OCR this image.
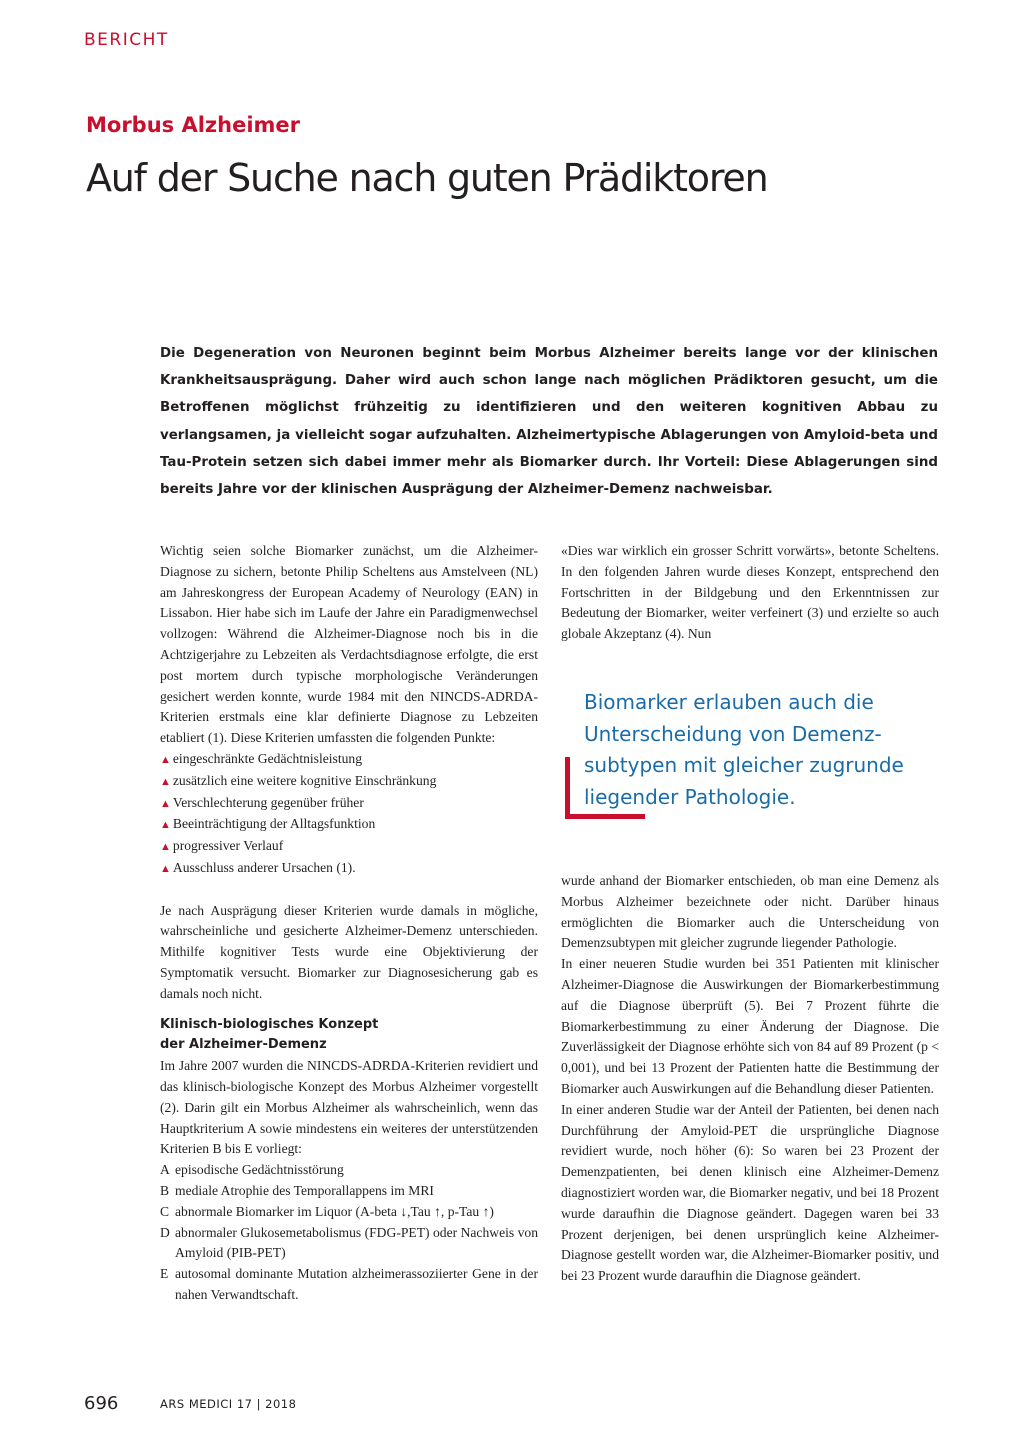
BERICHT
Morbus Alzheimer
Auf der Suche nach guten Prädiktoren
Die Degeneration von Neuronen beginnt beim Morbus Alzheimer bereits lange vor der klinischen Krankheitsausprägung. Daher wird auch schon lange nach möglichen Prädiktoren gesucht, um die Betroffenen möglichst frühzeitig zu identifizieren und den weiteren kognitiven Abbau zu verlangsamen, ja vielleicht sogar aufzuhalten. Alzheimertypische Ablagerungen von Amyloid-beta und Tau-Protein setzen sich dabei immer mehr als Biomarker durch. Ihr Vorteil: Diese Ablagerungen sind bereits Jahre vor der klinischen Ausprägung der Alzheimer-Demenz nachweisbar.

Wichtig seien solche Biomarker zunächst, um die Alzheimer-Diagnose zu sichern, betonte Philip Scheltens aus Amstelveen (NL) am Jahreskongress der European Academy of Neurology (EAN) in Lissabon. Hier habe sich im Laufe der Jahre ein Paradigmenwechsel vollzogen: Während die Alzheimer-Diagnose noch bis in die Achtzigerjahre zu Lebzeiten als Verdachtsdiagnose erfolgte, die erst post mortem durch typische morphologische Veränderungen gesichert werden konnte, wurde 1984 mit den NINCDS-ADRDA-Kriterien erstmals eine klar definierte Diagnose zu Lebzeiten etabliert (1). Diese Kriterien umfassten die folgenden Punkte:

▲ eingeschränkte Gedächtnisleistung
▲ zusätzlich eine weitere kognitive Einschränkung
▲ Verschlechterung gegenüber früher
▲ Beeinträchtigung der Alltagsfunktion
▲ progressiver Verlauf
▲ Ausschluss anderer Ursachen (1).

Je nach Ausprägung dieser Kriterien wurde damals in mögliche, wahrscheinliche und gesicherte Alzheimer-Demenz unterschieden. Mithilfe kognitiver Tests wurde eine Objektivierung der Symptomatik versucht. Biomarker zur Diagnosesicherung gab es damals noch nicht.

Klinisch-biologisches Konzept
der Alzheimer-Demenz

Im Jahre 2007 wurden die NINCDS-ADRDA-Kriterien revidiert und das klinisch-biologische Konzept des Morbus Alzheimer vorgestellt (2). Darin gilt ein Morbus Alzheimer als wahrscheinlich, wenn das Hauptkriterium A sowie mindestens ein weiteres der unterstützenden Kriterien B bis E vorliegt:

A episodische Gedächtnisstörung
B mediale Atrophie des Temporallappens im MRI
C abnormale Biomarker im Liquor (A-beta ↓,Tau ↑, p-Tau ↑)
D abnormaler Glukosemetabolismus (FDG-PET) oder Nachweis von Amyloid (PIB-PET)
E autosomal dominante Mutation alzheimerassoziierter Gene in der nahen Verwandtschaft.

«Dies war wirklich ein grosser Schritt vorwärts», betonte Scheltens. In den folgenden Jahren wurde dieses Konzept, entsprechend den Fortschritten in der Bildgebung und den Erkenntnissen zur Bedeutung der Biomarker, weiter verfeinert (3) und erzielte so auch globale Akzeptanz (4). Nun

Biomarker erlauben auch die Unterscheidung von Demenz-subtypen mit gleicher zugrunde liegender Pathologie.

wurde anhand der Biomarker entschieden, ob man eine Demenz als Morbus Alzheimer bezeichnete oder nicht. Darüber hinaus ermöglichten die Biomarker auch die Unterscheidung von Demenzsubtypen mit gleicher zugrunde liegender Pathologie.

In einer neueren Studie wurden bei 351 Patienten mit klinischer Alzheimer-Diagnose die Auswirkungen der Biomarkerbestimmung auf die Diagnose überprüft (5). Bei 7 Prozent führte die Biomarkerbestimmung zu einer Änderung der Diagnose. Die Zuverlässigkeit der Diagnose erhöhte sich von 84 auf 89 Prozent (p < 0,001), und bei 13 Prozent der Patienten hatte die Bestimmung der Biomarker auch Auswirkungen auf die Behandlung dieser Patienten.

In einer anderen Studie war der Anteil der Patienten, bei denen nach Durchführung der Amyloid-PET die ursprüngliche Diagnose revidiert wurde, noch höher (6): So waren bei 23 Prozent der Demenzpatienten, bei denen klinisch eine Alzheimer-Demenz diagnostiziert worden war, die Biomarker negativ, und bei 18 Prozent wurde daraufhin die Diagnose geändert. Dagegen waren bei 33 Prozent derjenigen, bei denen ursprünglich keine Alzheimer-Diagnose gestellt worden war, die Alzheimer-Biomarker positiv, und bei 23 Prozent wurde daraufhin die Diagnose geändert.

696	ARS MEDICI 17 | 2018
